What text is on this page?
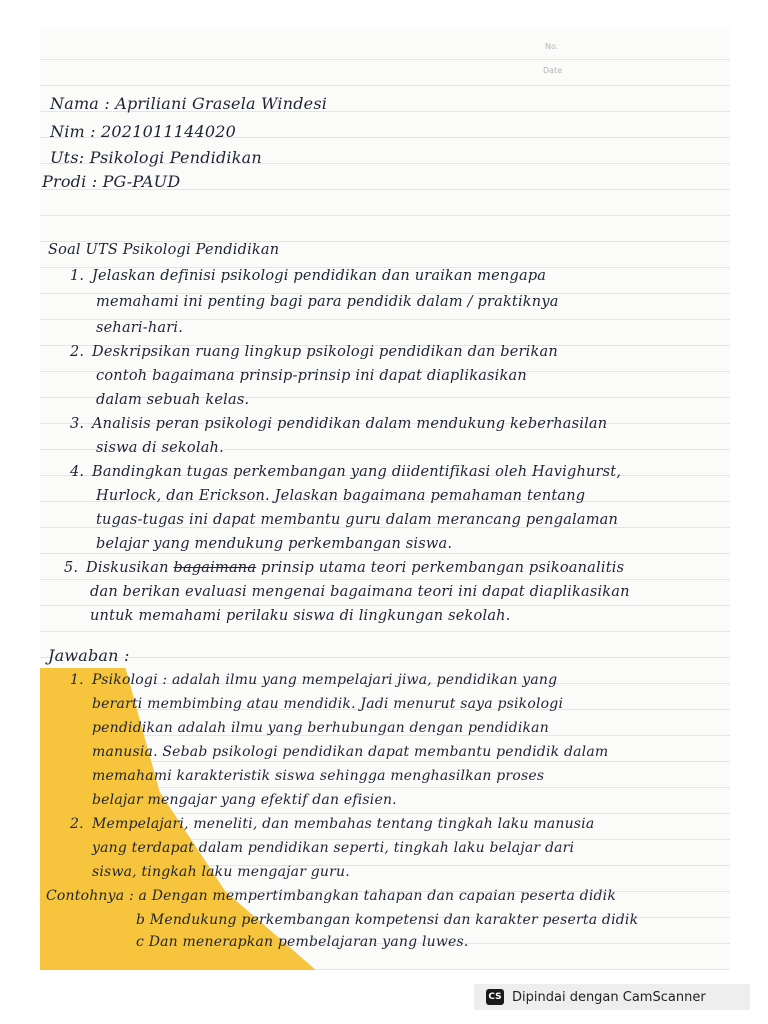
No.
Date
Nama : Apriliani Grasela Windesi
Nim : 2021011144020
Uts: Psikologi Pendidikan
Prodi : PG-PAUD
Soal UTS Psikologi Pendidikan
1. Jelaskan definisi psikologi pendidikan dan uraikan mengapa
memahami ini penting bagi para pendidik dalam / praktiknya
sehari-hari.
2. Deskripsikan ruang lingkup psikologi pendidikan dan berikan
contoh bagaimana prinsip-prinsip ini dapat diaplikasikan
dalam sebuah kelas.
3. Analisis peran psikologi pendidikan dalam mendukung keberhasilan
siswa di sekolah.
4. Bandingkan tugas perkembangan yang diidentifikasi oleh Havighurst,
Hurlock, dan Erickson. Jelaskan bagaimana pemahaman tentang
tugas-tugas ini dapat membantu guru dalam merancang pengalaman
belajar yang mendukung perkembangan siswa.
5. Diskusikan bagaimana prinsip utama teori perkembangan psikoanalitis
dan berikan evaluasi mengenai bagaimana teori ini dapat diaplikasikan
untuk memahami perilaku siswa di lingkungan sekolah.
Jawaban :
1. Psikologi : adalah ilmu yang mempelajari jiwa, pendidikan yang
berarti membimbing atau mendidik. Jadi menurut saya psikologi
pendidikan adalah ilmu yang berhubungan dengan pendidikan
manusia. Sebab psikologi pendidikan dapat membantu pendidik dalam
memahami karakteristik siswa sehingga menghasilkan proses
belajar mengajar yang efektif dan efisien.
2. Mempelajari, meneliti, dan membahas tentang tingkah laku manusia
yang terdapat dalam pendidikan seperti, tingkah laku belajar dari
siswa, tingkah laku mengajar guru.
Contohnya : a Dengan mempertimbangkan tahapan dan capaian peserta didik
b Mendukung perkembangan kompetensi dan karakter peserta didik
c Dan menerapkan pembelajaran yang luwes.
CS Dipindai dengan CamScanner
